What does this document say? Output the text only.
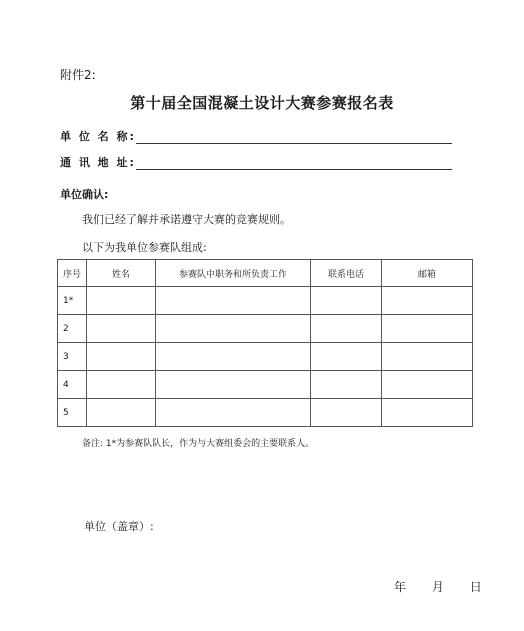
附件2:
第十届全国混凝土设计大赛参赛报名表
单 位 名 称:
通 讯 地 址:
单位确认:
我们已经了解并承诺遵守大赛的竞赛规则。
以下为我单位参赛队组成:
序号	姓名	参赛队中职务和所负责工作	联系电话	邮箱
1*				
2				
3				
4				
5				
备注: 1*为参赛队队长，作为与大赛组委会的主要联系人。
单位（盖章）:
年 月 日
